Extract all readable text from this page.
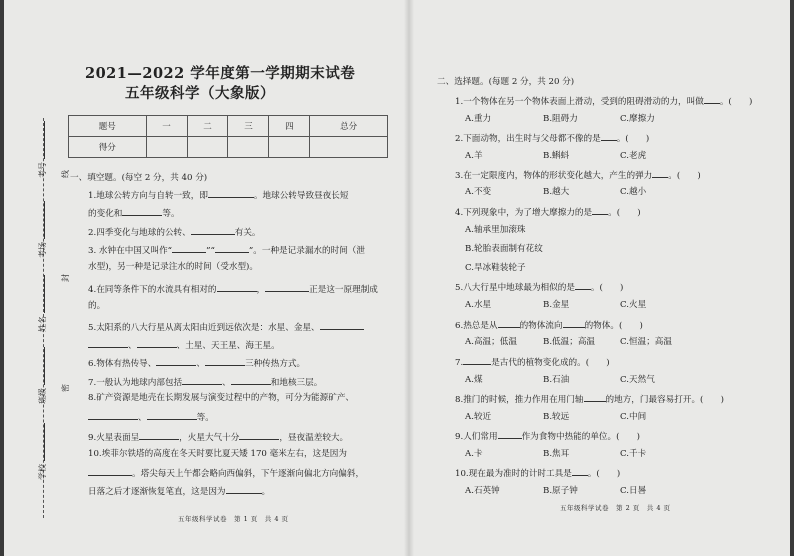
2021—2022 学年度第一学期期末试卷
五年级科学（大象版）
题号	一	二	三	四	总分
得分					
考号
考场
姓名
班级
学校
线
封
密
一、填空题。(每空 2 分，共 40 分)
1.地球公转方向与自转一致，即	。地球公转导致昼夜长短
的变化和	等。
2.四季变化与地球的公转、	有关。
3. 水钟在中国又叫作“	”“	”。一种是记录漏水的时间（泄
水型)，另一种是记录注水的时间（受水型)。
4.在同等条件下的水流具有相对的	，	正是这一原理制成
的。
5.太阳系的八大行星从离太阳由近到远依次是：水星、金星、
、	、土星、天王星、海王星。
6.物体有热传导、	、	三种传热方式。
7.一般认为地球内部包括	、	和地核三层。
8.矿产资源是地壳在长期发展与演变过程中的产物，可分为能源矿产、
、	等。
9.火星表面呈	，火星大气十分	，昼夜温差较大。
10.埃菲尔铁塔的高度在冬天时要比夏天矮 170 毫米左右，这是因为
。塔尖每天上午都会略向西偏斜，下午逐渐向偏北方向偏斜，
日落之后才逐渐恢复笔直，这是因为	。
五年级科学试卷　第 1 页　共 4 页
二、选择题。(每题 2 分，共 20 分)
1.一个物体在另一个物体表面上滑动，受到的阻碍滑动的力，叫做 。(　　)
A.重力	B.阻碍力	C.摩擦力
2.下面动物，出生时与父母都不像的是 。(　　)
A.羊	B.蝌蚪	C.老虎
3.在一定限度内，物体的形状变化越大，产生的弹力 。(　　)
A.不变	B.越大	C.越小
4.下列现象中，为了增大摩擦力的是 。(　　)
A.轴承里加滚珠
B.轮胎表面制有花纹
C.旱冰鞋装轮子
5.八大行星中地球最为相似的是 。(　　)
A.水星	B.金星	C.火星
6.热总是从	的物体流向	的物体。(　　)
A.高温；低温	B.低温；高温	C.恒温；高温
7.	是古代的植物变化成的。(　　)
A.煤	B.石油	C.天然气
8.推门的时候，推力作用在用门轴	的地方，门最容易打开。(　　)
A.较近	B.较远	C.中间
9.人们常用	作为食物中热能的单位。(　　)
A.卡	B.焦耳	C.千卡
10.现在最为准时的计时工具是 。(　　)
A.石英钟	B.原子钟	C.日晷
五年级科学试卷　第 2 页　共 4 页
